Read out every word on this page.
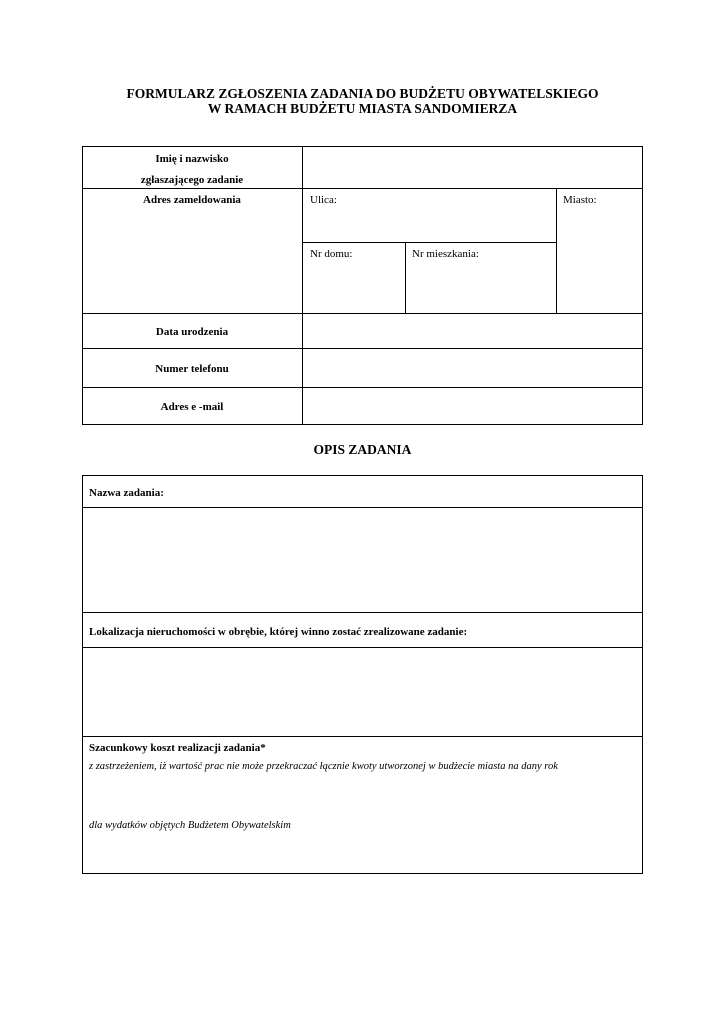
FORMULARZ ZGŁOSZENIA ZADANIA DO BUDŻETU OBYWATELSKIEGO
W RAMACH BUDŻETU MIASTA SANDOMIERZA
Imię i nazwisko
zgłaszającego zadanie
Adres zameldowania	Ulica:	Miasto:
Nr domu:	Nr mieszkania:
Data urodzenia
Numer telefonu
Adres e -mail
OPIS ZADANIA
Nazwa zadania:
Lokalizacja nieruchomości w obrębie, której winno zostać zrealizowane zadanie:
Szacunkowy koszt realizacji zadania*
z zastrzeżeniem, iż wartość prac nie może przekraczać łącznie kwoty utworzonej w budżecie miasta na dany rok
dla wydatków objętych Budżetem Obywatelskim
